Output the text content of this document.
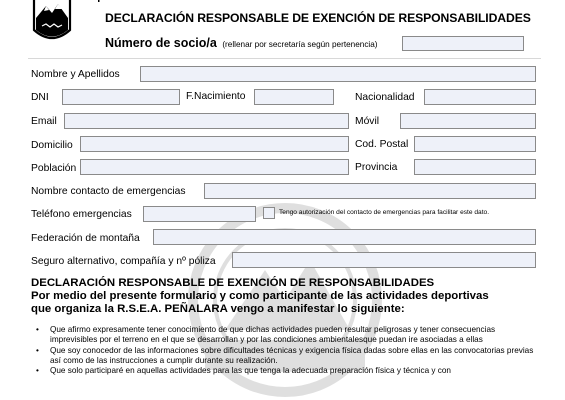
DECLARACIÓN RESPONSABLE DE EXENCIÓN DE RESPONSABILIDADES
Número de socio/a (rellenar por secretaría según pertenencia)
Nombre y Apellidos
DNI	F.Nacimiento	Nacionalidad
Email	Móvil
Domicilio	Cod. Postal
Población	Provincia
Nombre contacto de emergencias
Teléfono emergencias	Tengo autorización del contacto de emergencias para facilitar este dato.
Federación de montaña
Seguro alternativo, compañía y nº póliza
DECLARACIÓN RESPONSABLE DE EXENCIÓN DE RESPONSABILIDADES
Por medio del presente formulario y como participante de las actividades deportivas
que organiza la R.S.E.A. PEÑALARA vengo a manifestar lo siguiente:
• Que afirmo expresamente tener conocimiento de que dichas actividades pueden resultar peligrosas y tener consecuencias imprevisibles por el terreno en el que se desarrollan y por las condiciones ambientalesque puedan ire asociadas a ellas
• Que soy conocedor de las informaciones sobre dificultades técnicas y exigencia física dadas sobre ellas en las convocatorias previas así como de las instrucciones a cumplir durante su realización.
• Que solo participaré en aquellas actividades para las que tenga la adecuada preparación física y técnica y con
